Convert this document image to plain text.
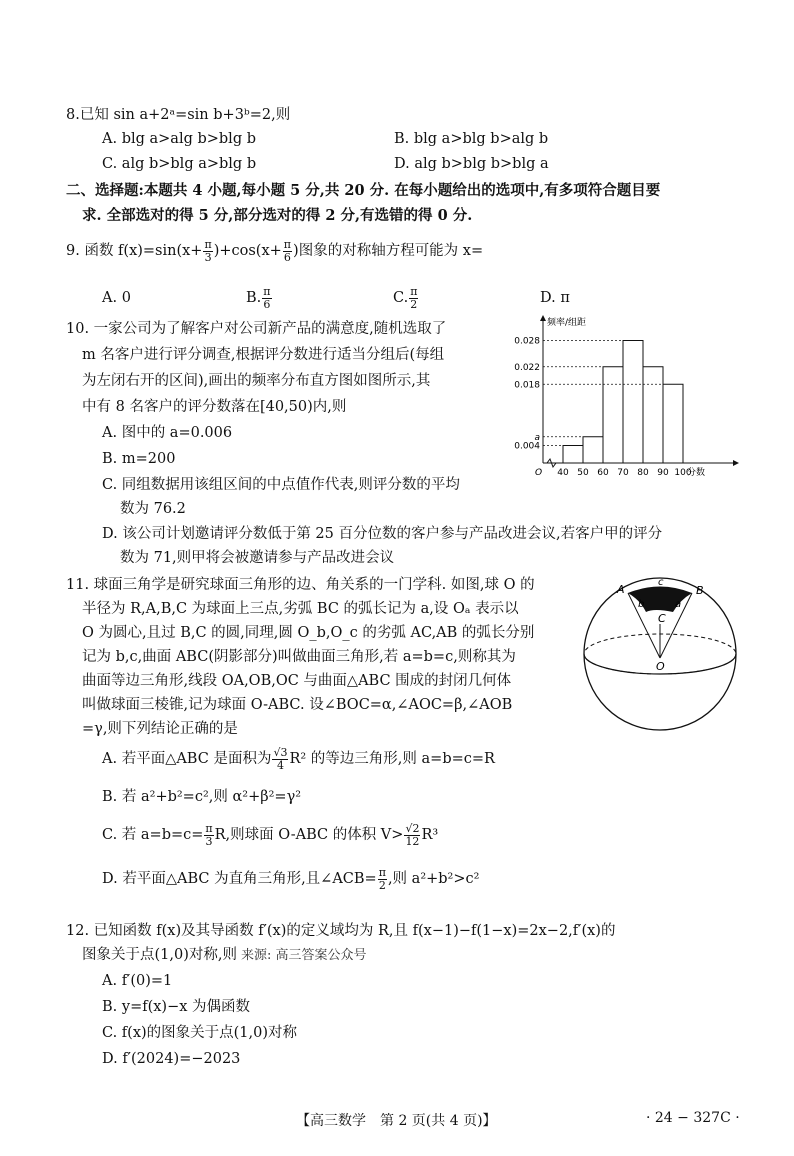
8.已知 sin a+2ᵃ=sin b+3ᵇ=2,则
A. blg a>alg b>blg b	B. blg a>blg b>alg b
C. alg b>blg a>blg b	D. alg b>blg b>blg a
二、选择题:本题共 4 小题,每小题 5 分,共 20 分. 在每小题给出的选项中,有多项符合题目要
求. 全部选对的得 5 分,部分选对的得 2 分,有选错的得 0 分.
9. 函数 $f(x)=\sin(x+ \frac{\pi}{3} )+\cos(x+ \frac{\pi}{6}$ )图象的对称轴方程可能为 x=
A. 0	B. $\frac{\pi}{6}$	C. $\frac{\pi}{2}$	D. π
10. 一家公司为了解客户对公司新产品的满意度,随机选取了
m 名客户进行评分调查,根据评分数进行适当分组后(每组
为左闭右开的区间),画出的频率分布直方图如图所示,其
中有 8 名客户的评分数落在[40,50)内,则
A. 图中的 a=0.006
B. m=200
C. 同组数据用该组区间的中点值作代表,则评分数的平均
数为 76.2
D. 该公司计划邀请评分数低于第 25 百分位数的客户参与产品改进会议,若客户甲的评分
数为 71,则甲将会被邀请参与产品改进会议
0.028
0.022
0.018
a
0.004
40 50 60 70 80 90 100
O
频率/组距
分数
11. 球面三角学是研究球面三角形的边、角关系的一门学科. 如图,球 O 的
半径为 R,A,B,C 为球面上三点,劣弧 BC 的弧长记为 a,设 Oₐ 表示以
O 为圆心,且过 B,C 的圆,同理,圆 O_b,O_c 的劣弧 AC,AB 的弧长分别
记为 b,c,曲面 ABC(阴影部分)叫做曲面三角形,若 a=b=c,则称其为
曲面等边三角形,线段 OA,OB,OC 与曲面△ABC 围成的封闭几何体
叫做球面三棱锥,记为球面 O-ABC. 设∠BOC=α,∠AOC=β,∠AOB
=γ,则下列结论正确的是
A	B
C
O
c
b	a
A. 若平面△ABC 是面积为 $\frac{√3}{4} R^2$ 的等边三角形,则 a=b=c=R
B. 若 a²+b²=c²,则 α²+β²=γ²
C. 若 $a=b=c= \frac{\pi}{3} R$,则球面 O-ABC 的体积 $V> \frac{√2}{12} R^3$
D. 若平面△ABC 为直角三角形,且∠ACB= $\frac{\pi}{2}$ ,则 a²+b²>c²
12. 已知函数 f(x)及其导函数 f′(x)的定义域均为 R,且 f(x−1)−f(1−x)=2x−2,f′(x)的
图象关于点(1,0)对称,则 来源: 高三答案公众号
A. f′(0)=1
B. y=f(x)−x 为偶函数
C. f(x)的图象关于点(1,0)对称
D. f′(2024)=−2023
【高三数学　第 2 页(共 4 页)】	· 24 − 327C ·
